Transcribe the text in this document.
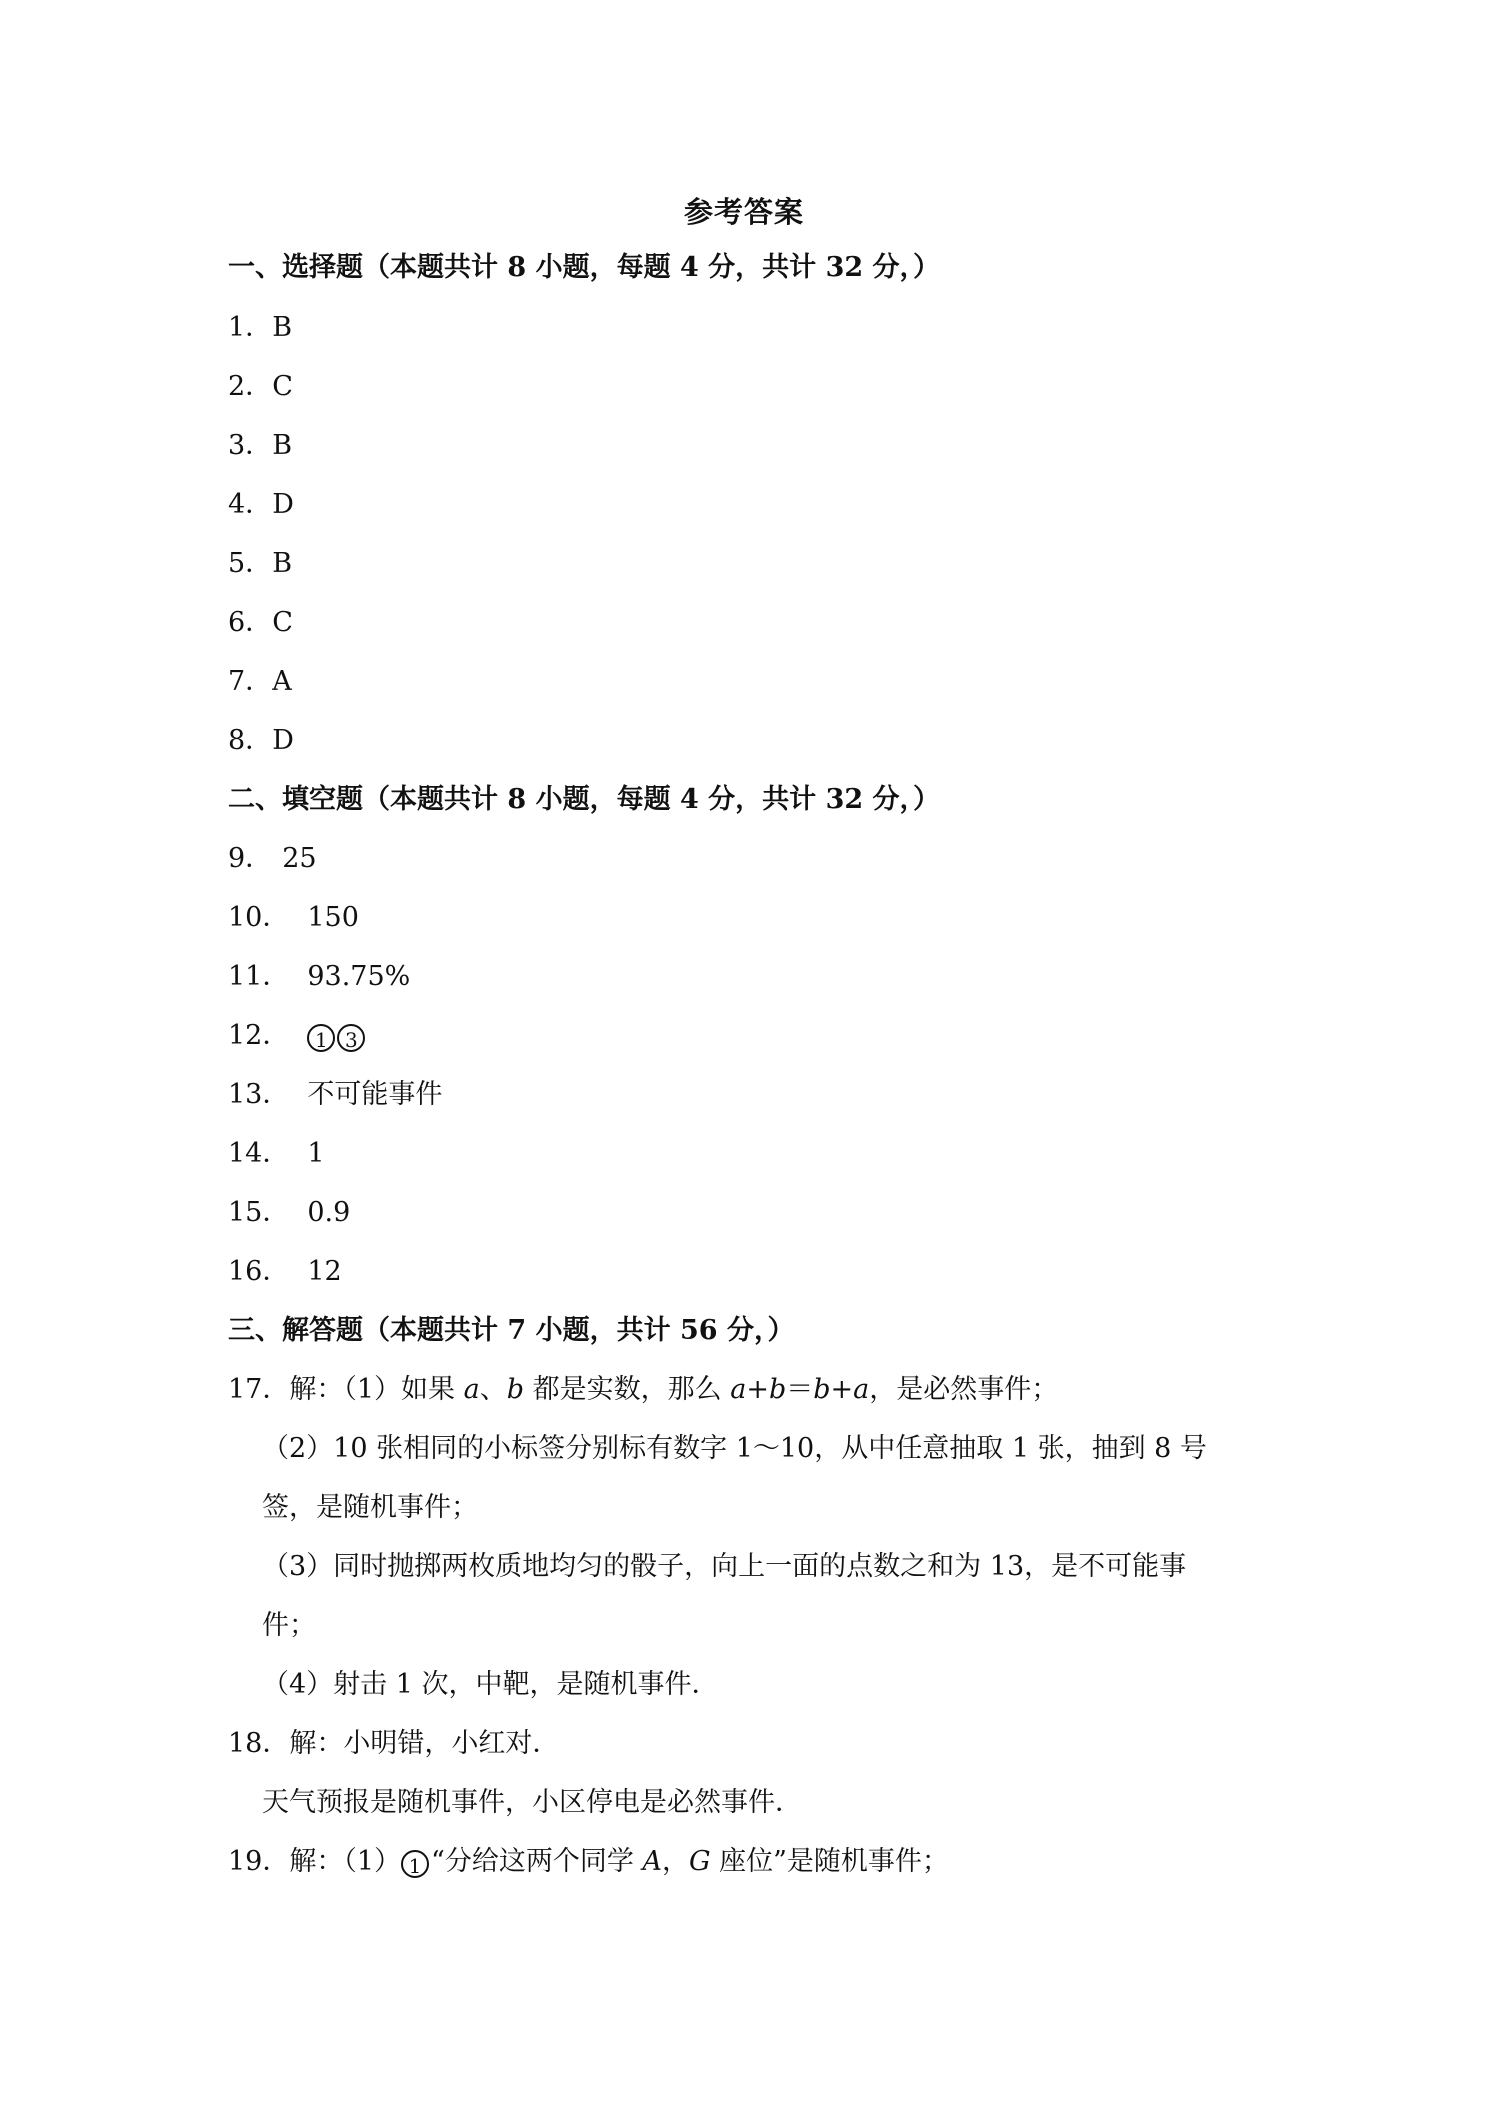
参考答案
一、选择题（本题共计 8 小题，每题 4 分，共计 32 分，）
1．B
2．C
3．B
4．D
5．B
6．C
7．A
8．D
二、填空题（本题共计 8 小题，每题 4 分，共计 32 分，）
9． 25
10． 150
11． 93.75%
12． 1 3
13． 不可能事件
14． 1
15． 0.9
16． 12
三、解答题（本题共计 7 小题，共计 56 分，）
17．解：（1）如果 a、b 都是实数，那么 a+b＝b+a，是必然事件；
（2）10 张相同的小标签分别标有数字 1～10，从中任意抽取 1 张，抽到 8 号
签，是随机事件；
（3）同时抛掷两枚质地均匀的骰子，向上一面的点数之和为 13，是不可能事
件；
（4）射击 1 次，中靶，是随机事件．
18．解：小明错，小红对．
天气预报是随机事件，小区停电是必然事件．
19．解：（1） 1 “分给这两个同学 A，G 座位”是随机事件；
